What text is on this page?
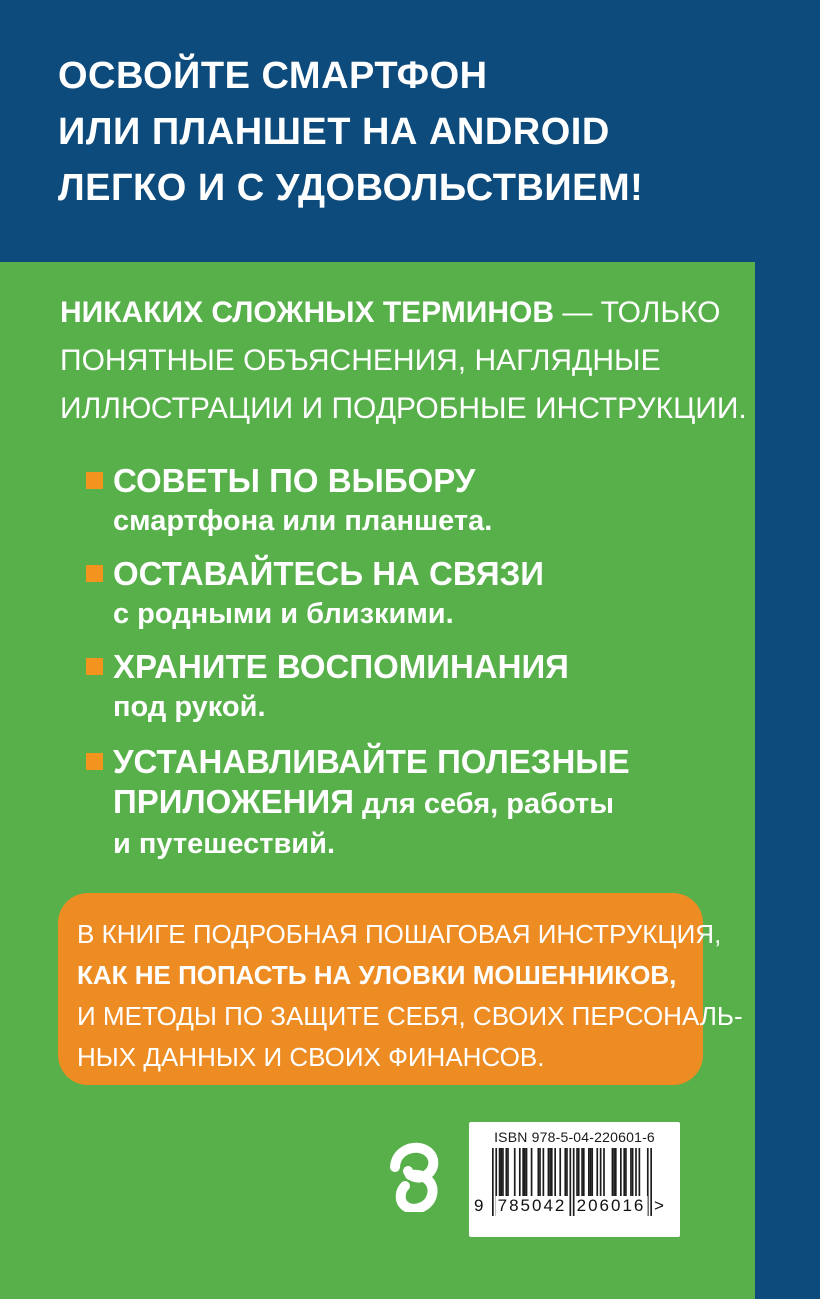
ОСВОЙТЕ СМАРТФОН
ИЛИ ПЛАНШЕТ НА ANDROID
ЛЕГКО И С УДОВОЛЬСТВИЕМ!
НИКАКИХ СЛОЖНЫХ ТЕРМИНОВ — ТОЛЬКО
ПОНЯТНЫЕ ОБЪЯСНЕНИЯ, НАГЛЯДНЫЕ
ИЛЛЮСТРАЦИИ И ПОДРОБНЫЕ ИНСТРУКЦИИ.
СОВЕТЫ ПО ВЫБОРУ
смартфона или планшета.
ОСТАВАЙТЕСЬ НА СВЯЗИ
с родными и близкими.
ХРАНИТЕ ВОСПОМИНАНИЯ
под рукой.
УСТАНАВЛИВАЙТЕ ПОЛЕЗНЫЕ
ПРИЛОЖЕНИЯ для себя, работы
и путешествий.
В КНИГЕ ПОДРОБНАЯ ПОШАГОВАЯ ИНСТРУКЦИЯ,
КАК НЕ ПОПАСТЬ НА УЛОВКИ МОШЕННИКОВ,
И МЕТОДЫ ПО ЗАЩИТЕ СЕБЯ, СВОИХ ПЕРСОНАЛЬ-
НЫХ ДАННЫХ И СВОИХ ФИНАНСОВ.
ISBN 978-5-04-220601-6
9 785042 206016 >
